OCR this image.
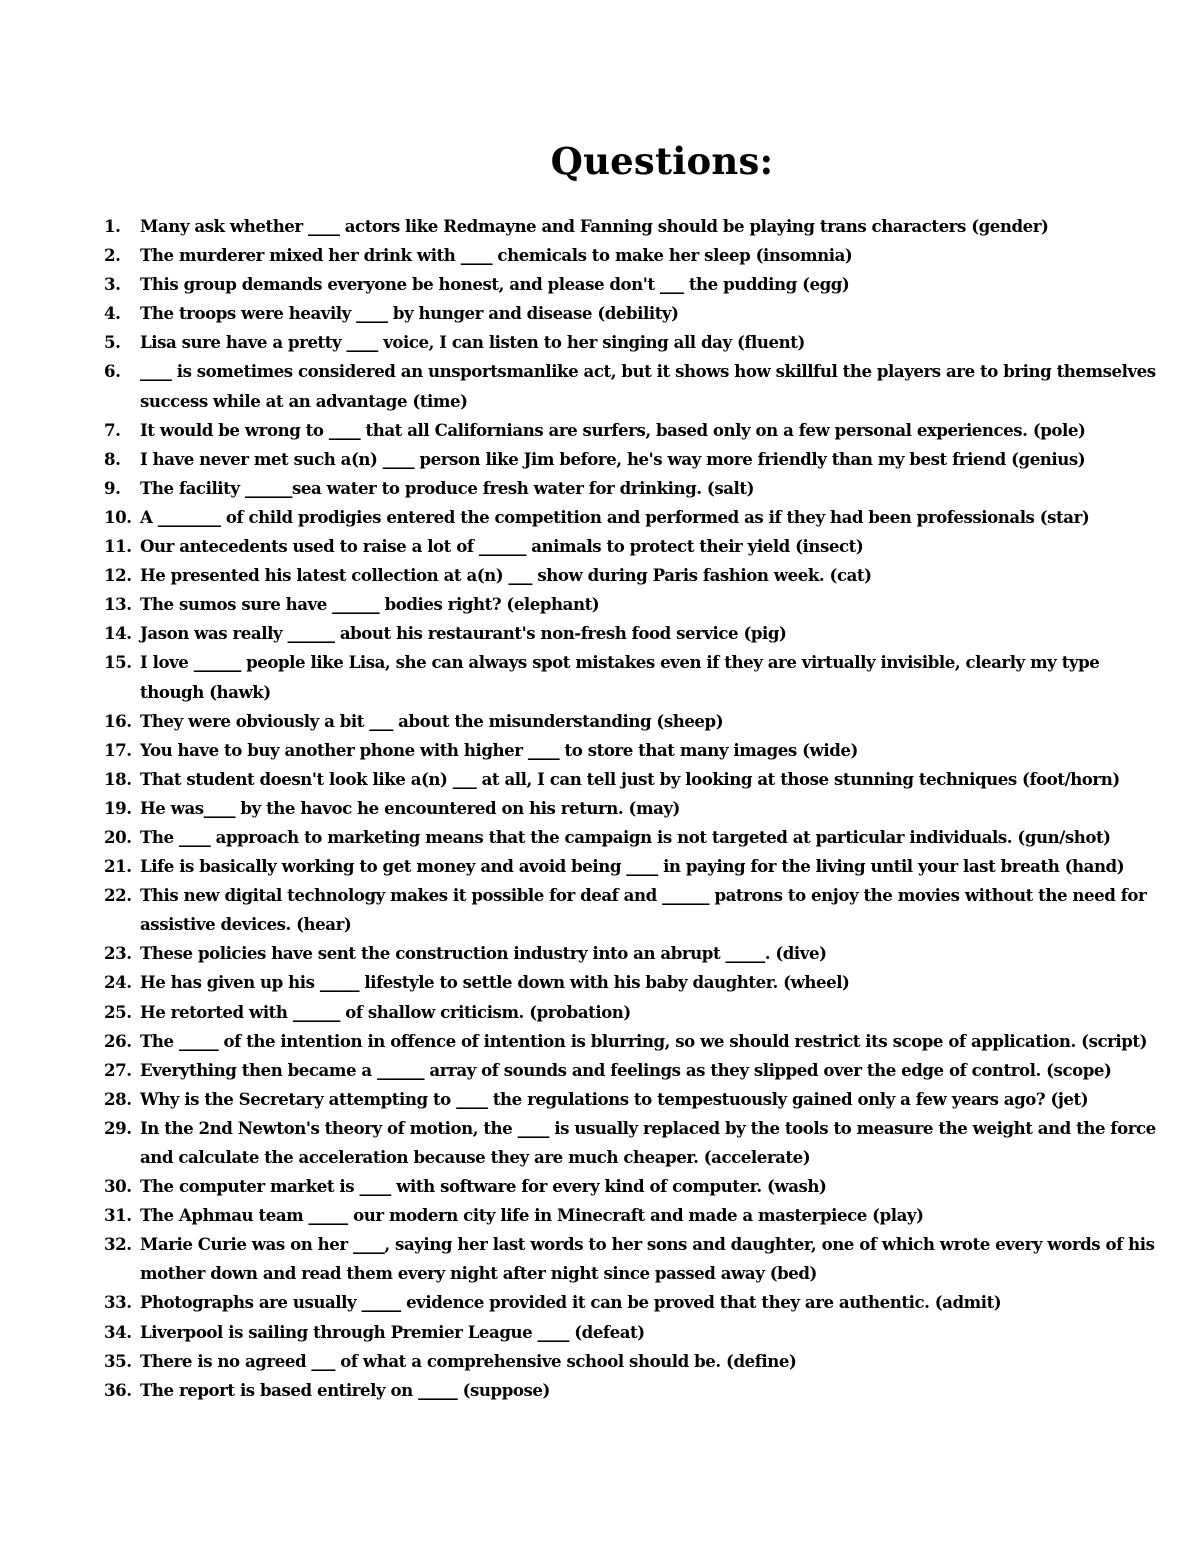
Questions:
1.	Many ask whether ____ actors like Redmayne and Fanning should be playing trans characters (gender)
2.	The murderer mixed her drink with ____ chemicals to make her sleep (insomnia)
3.	This group demands everyone be honest, and please don't ___ the pudding (egg)
4.	The troops were heavily ____ by hunger and disease (debility)
5.	Lisa sure have a pretty ____ voice, I can listen to her singing all day (fluent)
6.	____ is sometimes considered an unsportsmanlike act, but it shows how skillful the players are to bring themselves success while at an advantage (time)
7.	It would be wrong to ____ that all Californians are surfers, based only on a few personal experiences. (pole)
8.	I have never met such a(n) ____ person like Jim before, he's way more friendly than my best friend (genius)
9.	The facility ______sea water to produce fresh water for drinking. (salt)
10. A ________ of child prodigies entered the competition and performed as if they had been professionals (star)
11. Our antecedents used to raise a lot of ______ animals to protect their yield (insect)
12. He presented his latest collection at a(n) ___ show during Paris fashion week. (cat)
13. The sumos sure have ______ bodies right? (elephant)
14. Jason was really ______ about his restaurant's non-fresh food service (pig)
15. I love ______ people like Lisa, she can always spot mistakes even if they are virtually invisible, clearly my type though (hawk)
16. They were obviously a bit ___ about the misunderstanding (sheep)
17. You have to buy another phone with higher ____ to store that many images (wide)
18. That student doesn't look like a(n) ___ at all, I can tell just by looking at those stunning techniques (foot/horn)
19. He was____ by the havoc he encountered on his return. (may)
20. The ____ approach to marketing means that the campaign is not targeted at particular individuals. (gun/shot)
21. Life is basically working to get money and avoid being ____ in paying for the living until your last breath (hand)
22. This new digital technology makes it possible for deaf and ______ patrons to enjoy the movies without the need for assistive devices. (hear)
23. These policies have sent the construction industry into an abrupt _____. (dive)
24. He has given up his _____ lifestyle to settle down with his baby daughter. (wheel)
25. He retorted with ______ of shallow criticism. (probation)
26. The _____ of the intention in offence of intention is blurring, so we should restrict its scope of application. (script)
27. Everything then became a ______ array of sounds and feelings as they slipped over the edge of control. (scope)
28. Why is the Secretary attempting to ____ the regulations to tempestuously gained only a few years ago? (jet)
29. In the 2nd Newton's theory of motion, the ____ is usually replaced by the tools to measure the weight and the force and calculate the acceleration because they are much cheaper. (accelerate)
30. The computer market is ____ with software for every kind of computer. (wash)
31. The Aphmau team _____ our modern city life in Minecraft and made a masterpiece (play)
32. Marie Curie was on her ____, saying her last words to her sons and daughter, one of which wrote every words of his mother down and read them every night after night since passed away (bed)
33. Photographs are usually _____ evidence provided it can be proved that they are authentic. (admit)
34. Liverpool is sailing through Premier League ____ (defeat)
35. There is no agreed ___ of what a comprehensive school should be. (define)
36. The report is based entirely on _____ (suppose)
